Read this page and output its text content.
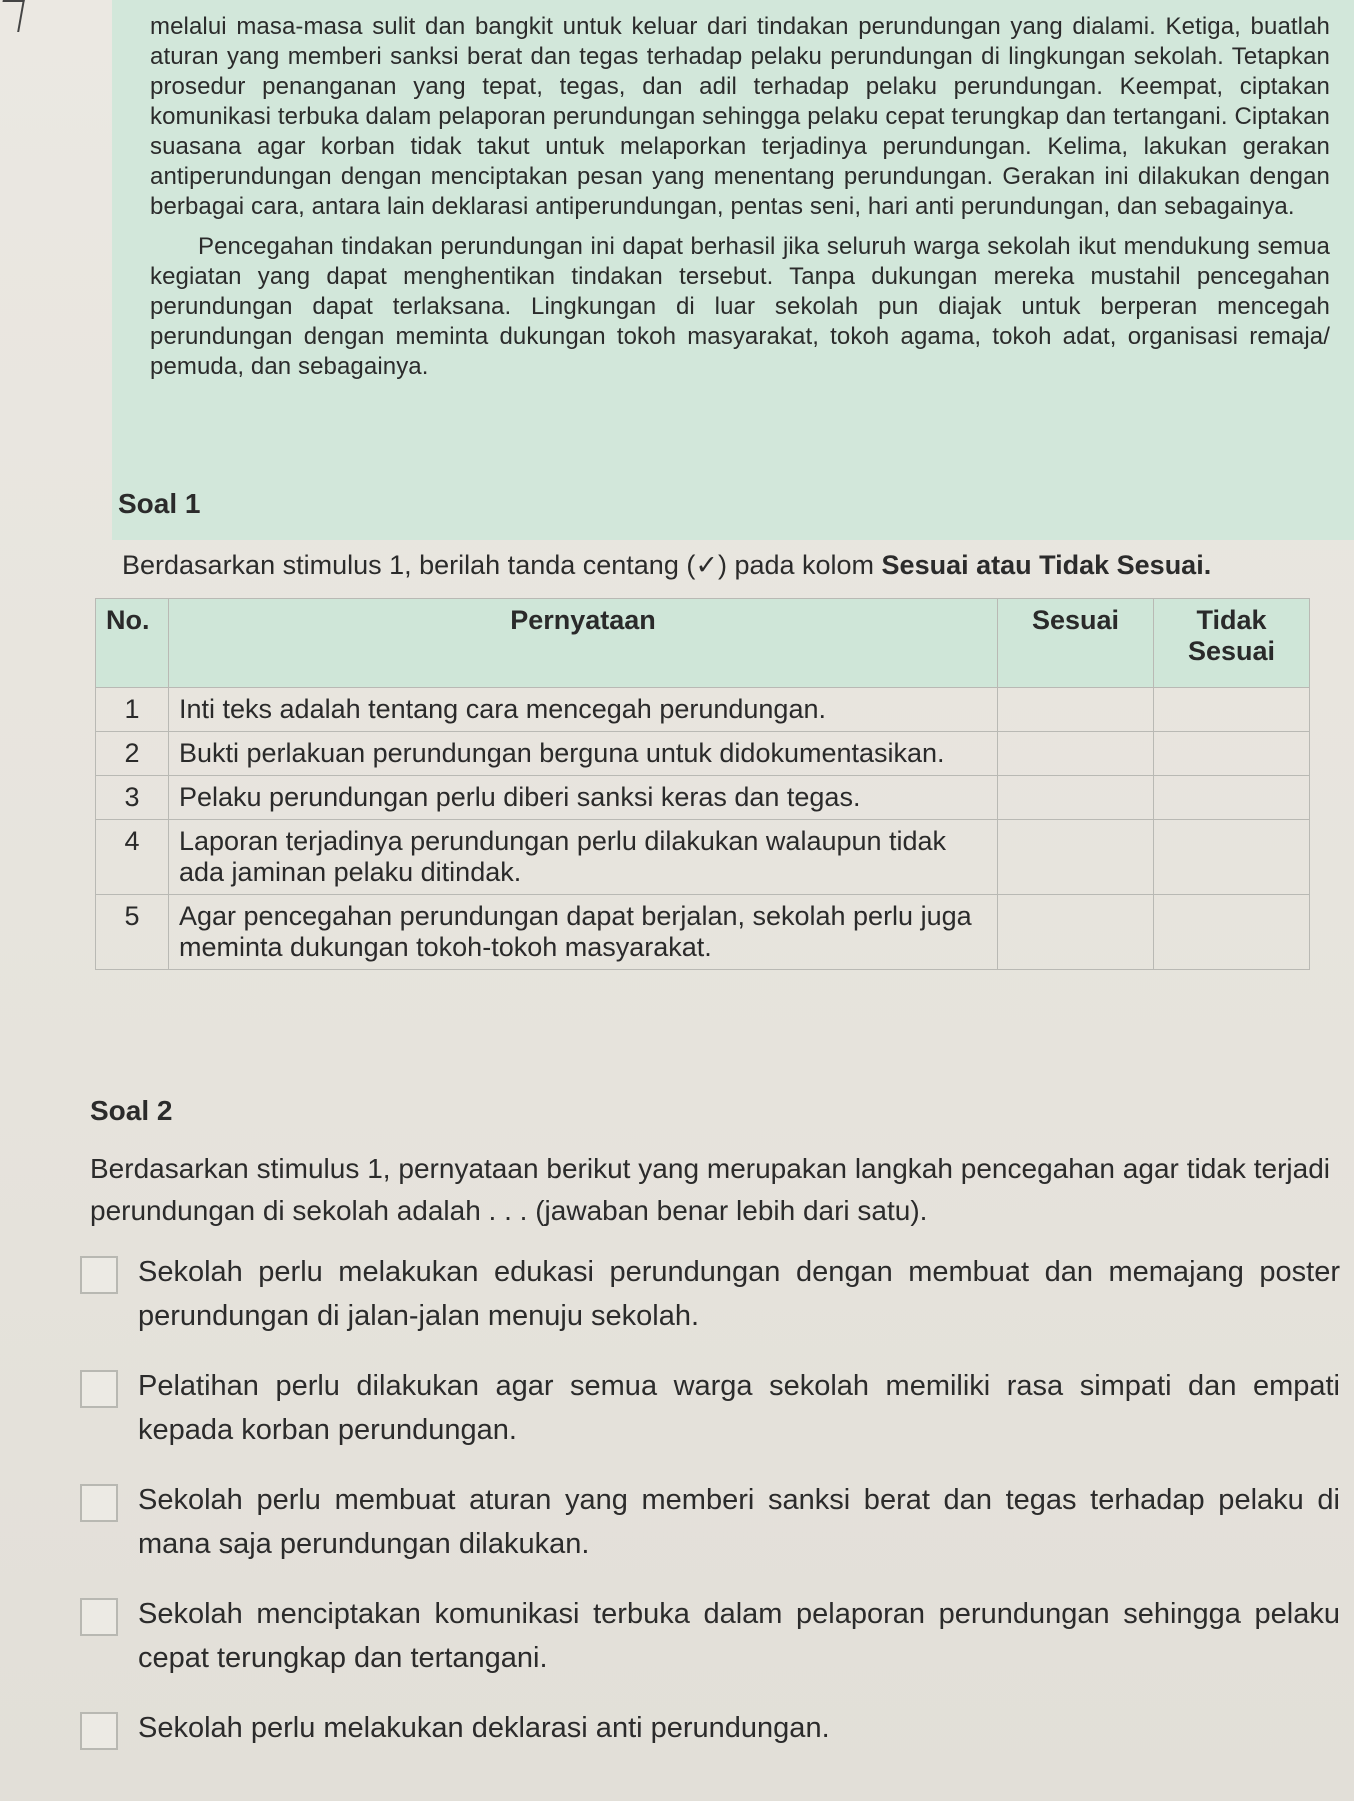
melalui masa-masa sulit dan bangkit untuk keluar dari tindakan perundungan yang dialami. Ketiga, buatlah aturan yang memberi sanksi berat dan tegas terhadap pelaku perundungan di lingkungan sekolah. Tetapkan prosedur penanganan yang tepat, tegas, dan adil terhadap pelaku perundungan. Keempat, ciptakan komunikasi terbuka dalam pelaporan perundungan sehingga pelaku cepat terungkap dan tertangani. Ciptakan suasana agar korban tidak takut untuk melaporkan terjadinya perundungan. Kelima, lakukan gerakan antiperundungan dengan menciptakan pesan yang menentang perundungan. Gerakan ini dilakukan dengan berbagai cara, antara lain deklarasi antiperundungan, pentas seni, hari anti perundungan, dan sebagainya.

Pencegahan tindakan perundungan ini dapat berhasil jika seluruh warga sekolah ikut mendukung semua kegiatan yang dapat menghentikan tindakan tersebut. Tanpa dukungan mereka mustahil pencegahan perundungan dapat terlaksana. Lingkungan di luar sekolah pun diajak untuk berperan mencegah perundungan dengan meminta dukungan tokoh masyarakat, tokoh agama, tokoh adat, organisasi remaja/ pemuda, dan sebagainya.

Soal 1
Berdasarkan stimulus 1, berilah tanda centang (✓) pada kolom Sesuai atau Tidak Sesuai.
No.	Pernyataan	Sesuai	Tidak Sesuai
1	Inti teks adalah tentang cara mencegah perundungan.		
2	Bukti perlakuan perundungan berguna untuk didokumentasikan.		
3	Pelaku perundungan perlu diberi sanksi keras dan tegas.		
4	Laporan terjadinya perundungan perlu dilakukan walaupun tidak ada jaminan pelaku ditindak.		
5	Agar pencegahan perundungan dapat berjalan, sekolah perlu juga meminta dukungan tokoh-tokoh masyarakat.		
Soal 2

Berdasarkan stimulus 1, pernyataan berikut yang merupakan langkah pencegahan agar tidak terjadi perundungan di sekolah adalah . . . (jawaban benar lebih dari satu).

Sekolah perlu melakukan edukasi perundungan dengan membuat dan memajang poster perundungan di jalan-jalan menuju sekolah.
Pelatihan perlu dilakukan agar semua warga sekolah memiliki rasa simpati dan empati kepada korban perundungan.
Sekolah perlu membuat aturan yang memberi sanksi berat dan tegas terhadap pelaku di mana saja perundungan dilakukan.
Sekolah menciptakan komunikasi terbuka dalam pelaporan perundungan sehingga pelaku cepat terungkap dan tertangani.
Sekolah perlu melakukan deklarasi anti perundungan.
